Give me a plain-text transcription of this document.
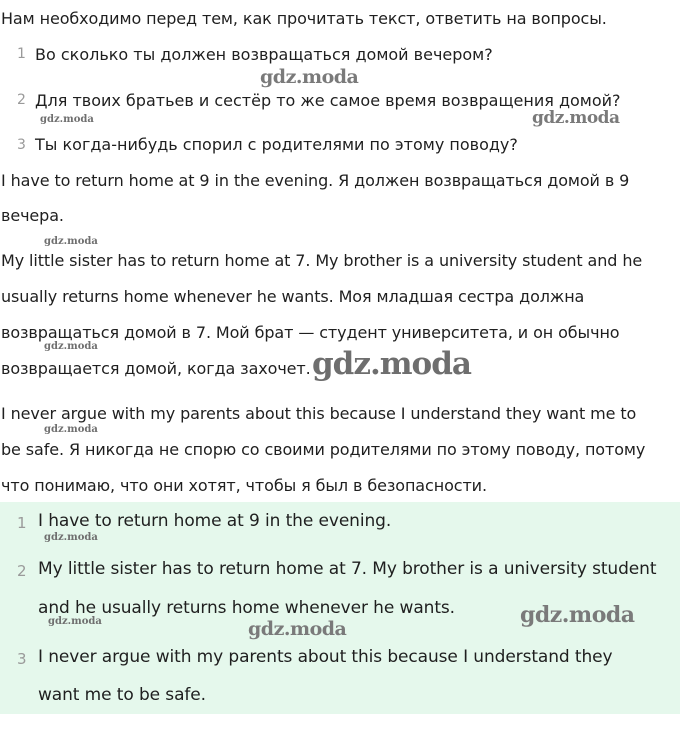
Нам необходимо перед тем, как прочитать текст, ответить на вопросы.
1 Во сколько ты должен возвращаться домой вечером?
2 Для твоих братьев и сестёр то же самое время возвращения домой?
3 Ты когда-нибудь спорил с родителями по этому поводу?
I have to return home at 9 in the evening. Я должен возвращаться домой в 9
вечера.
My little sister has to return home at 7. My brother is a university student and he
usually returns home whenever he wants. Моя младшая сестра должна
возвращаться домой в 7. Мой брат — студент университета, и он обычно
возвращается домой, когда захочет.
I never argue with my parents about this because I understand they want me to
be safe. Я никогда не спорю со своими родителями по этому поводу, потому
что понимаю, что они хотят, чтобы я был в безопасности.
1 I have to return home at 9 in the evening.
2 My little sister has to return home at 7. My brother is a university student
and he usually returns home whenever he wants.
3 I never argue with my parents about this because I understand they
want me to be safe.
gdz.moda
gdz.moda	gdz.moda
gdz.moda
gdz.moda	gdz.moda
gdz.moda
gdz.moda
gdz.moda	gdz.moda
gdz.moda
